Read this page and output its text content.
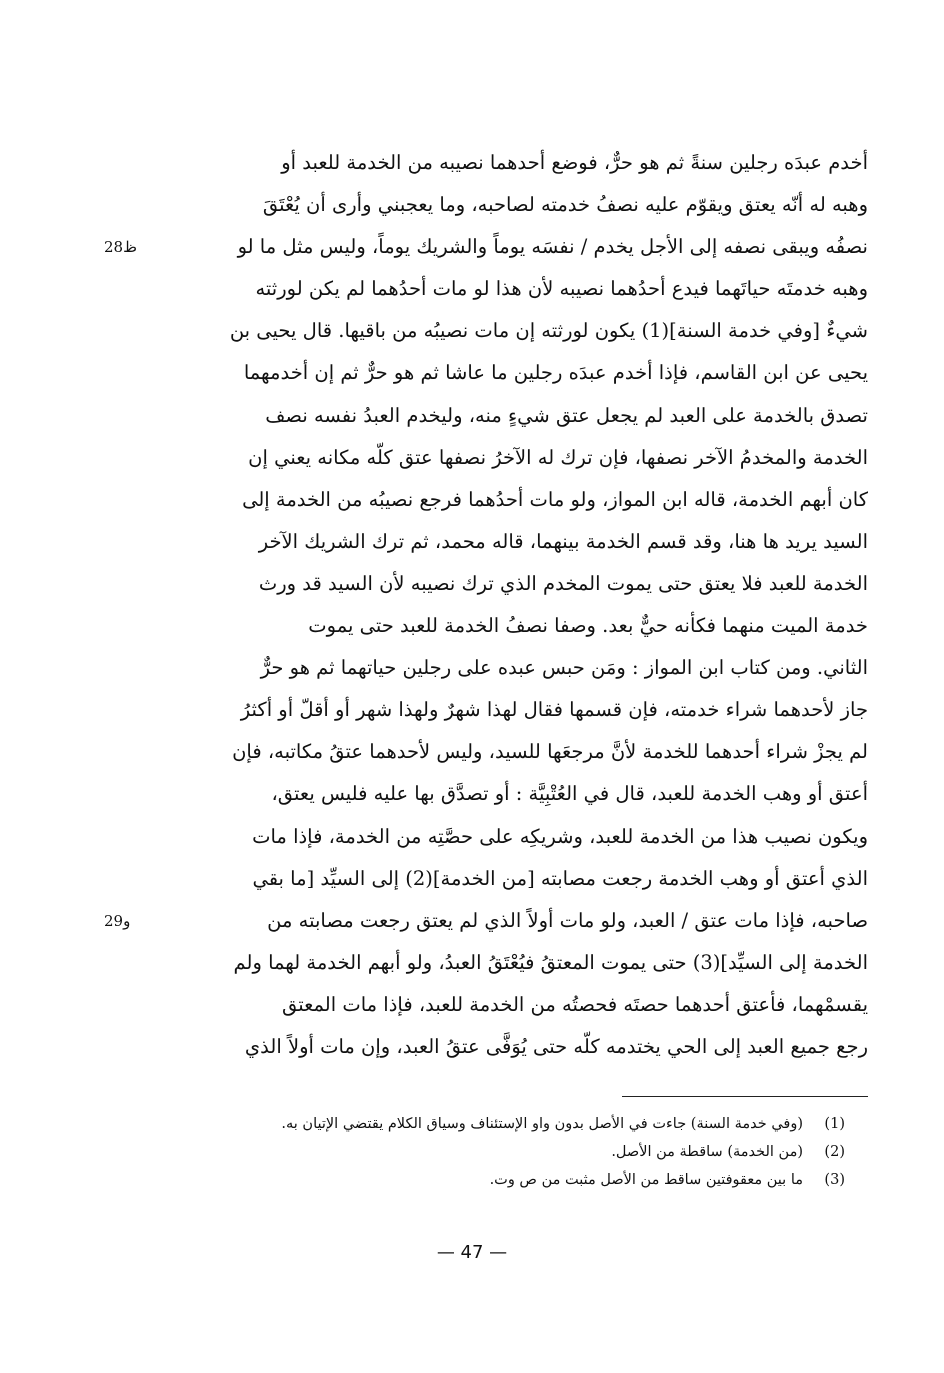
أخدم عبدَه رجلين سنةً ثم هو حرٌّ، فوضع أحدهما نصيبه من الخدمة للعبد أو
وهبه له أنّه يعتق ويقوّم عليه نصفُ خدمته لصاحبه، وما يعجبني وأرى أن يُعْتَقَ
نصفُه ويبقى نصفه إلى الأجل يخدم / نفسَه يوماً والشريك يوماً، وليس مثل ما لو
وهبه خدمتَه حياتَهما فيدع أحدُهما نصيبه لأن هذا لو مات أحدُهما لم يكن لورثته
شيءٌ [وفي خدمة السنة](1) يكون لورثته إن مات نصيبُه من باقيها. قال يحيى بن
يحيى عن ابن القاسم، فإذا أخدم عبدَه رجلين ما عاشا ثم هو حرٌّ ثم إن أخدمهما
تصدق بالخدمة على العبد لم يجعل عتق شيءٍ منه، وليخدم العبدُ نفسه نصف
الخدمة والمخدمُ الآخر نصفها، فإن ترك له الآخرُ نصفها عتق كلّه مكانه يعني إن
كان أبهم الخدمة، قاله ابن المواز، ولو مات أحدُهما فرجع نصيبُه من الخدمة إلى
السيد يريد ها هنا، وقد قسم الخدمة بينهما، قاله محمد، ثم ترك الشريك الآخر
الخدمة للعبد فلا يعتق حتى يموت المخدم الذي ترك نصيبه لأن السيد قد ورث
خدمة الميت منهما فكأنه حيٌّ بعد. وصفا نصفُ الخدمة للعبد حتى يموت
الثاني. ومن كتاب ابن المواز : ومَن حبس عبده على رجلين حياتهما ثم هو حرٌّ
جاز لأحدهما شراء خدمته، فإن قسمها فقال لهذا شهرٌ ولهذا شهر أو أقلّ أو أكثرُ
لم يجزْ شراء أحدهما للخدمة لأنَّ مرجعَها للسيد، وليس لأحدهما عتقُ مكاتبه، فإن
أعتق أو وهب الخدمة للعبد، قال في العُتْبِيَّة : أو تصدَّق بها عليه فليس يعتق،
ويكون نصيب هذا من الخدمة للعبد، وشريكِه على حصَّتِه من الخدمة، فإذا مات
الذي أعتق أو وهب الخدمة رجعت مصابته [من الخدمة](2) إلى السيِّد [ما بقي
صاحبه، فإذا مات عتق / العبد، ولو مات أولاً الذي لم يعتق رجعت مصابته من
الخدمة إلى السيِّد](3) حتى يموت المعتقُ فيُعْتَقُ العبدُ، ولو أبهم الخدمة لهما ولم
يقسمْهما، فأعتق أحدهما حصتَه فحصتُه من الخدمة للعبد، فإذا مات المعتق
رجع جميع العبد إلى الحي يختدمه كلّه حتى يُوَفَّى عتقُ العبد، وإن مات أولاً الذي
28ظ
29و
(1)(وفي خدمة السنة) جاءت في الأصل بدون واو الإستئناف وسياق الكلام يقتضي الإتيان به.
(2)(من الخدمة) ساقطة من الأصل.
(3)ما بين معقوفتين ساقط من الأصل مثبت من ص وت.
— 47 —
